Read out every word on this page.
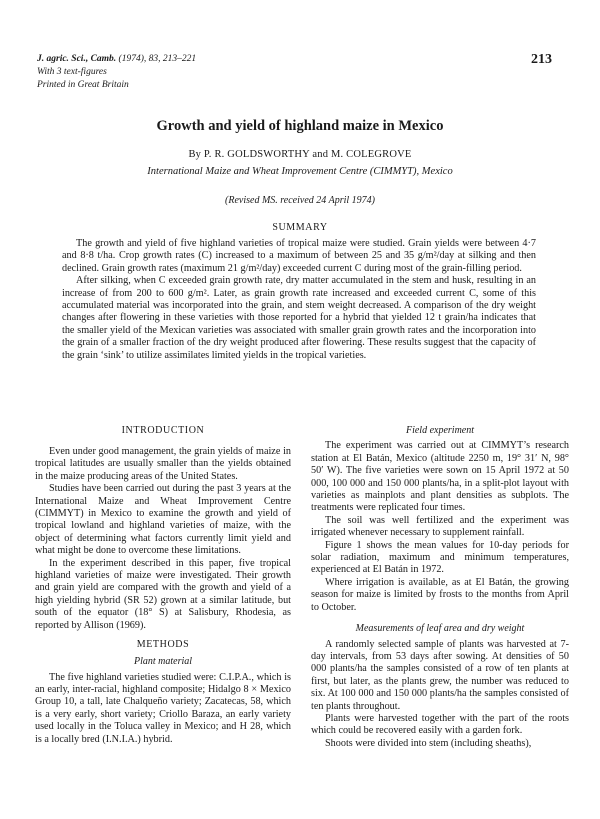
J. agric. Sci., Camb. (1974), 83, 213–221
With 3 text-figures
Printed in Great Britain
213
Growth and yield of highland maize in Mexico
By P. R. GOLDSWORTHY and M. COLEGROVE
International Maize and Wheat Improvement Centre (CIMMYT), Mexico
(Revised MS. received 24 April 1974)
SUMMARY

The growth and yield of five highland varieties of tropical maize were studied. Grain yields were between 4·7 and 8·8 t/ha. Crop growth rates (C) increased to a maximum of between 25 and 35 g/m²/day at silking and then declined. Grain growth rates (maximum 21 g/m²/day) exceeded current C during most of the grain-filling period.

After silking, when C exceeded grain growth rate, dry matter accumulated in the stem and husk, resulting in an increase of from 200 to 600 g/m². Later, as grain growth rate increased and exceeded current C, some of this accumulated material was incorporated into the grain, and stem weight decreased. A comparison of the dry weight changes after flowering in these varieties with those reported for a hybrid that yielded 12 t grain/ha indicates that the smaller yield of the Mexican varieties was associated with smaller grain growth rates and the incorporation into the grain of a smaller fraction of the dry weight produced after flowering. These results suggest that the capacity of the grain ‘sink’ to utilize assimilates limited yields in the tropical varieties.

INTRODUCTION

Even under good management, the grain yields of maize in tropical latitudes are usually smaller than the yields obtained in the maize producing areas of the United States.

Studies have been carried out during the past 3 years at the International Maize and Wheat Improvement Centre (CIMMYT) in Mexico to examine the growth and yield of tropical lowland and highland varieties of maize, with the object of determining what factors currently limit yield and what might be done to overcome these limitations.

In the experiment described in this paper, five tropical highland varieties of maize were investigated. Their growth and grain yield are compared with the growth and yield of a high yielding hybrid (SR 52) grown at a similar latitude, but south of the equator (18° S) at Salisbury, Rhodesia, as reported by Allison (1969).

METHODS
Plant material

The five highland varieties studied were: C.I.P.A., which is an early, inter-racial, highland composite; Hidalgo 8 × Mexico Group 10, a tall, late Chalqueño variety; Zacatecas, 58, which is a very early, short variety; Criollo Baraza, an early variety used locally in the Toluca valley in Mexico; and H 28, which is a locally bred (I.N.I.A.) hybrid.

Field experiment

The experiment was carried out at CIMMYT’s research station at El Batán, Mexico (altitude 2250 m, 19° 31′ N, 98° 50′ W). The five varieties were sown on 15 April 1972 at 50 000, 100 000 and 150 000 plants/ha, in a split-plot layout with varieties as mainplots and plant densities as subplots. The treatments were replicated four times.

The soil was well fertilized and the experiment was irrigated whenever necessary to supplement rainfall.

Figure 1 shows the mean values for 10-day periods for solar radiation, maximum and minimum temperatures, experienced at El Batán in 1972.

Where irrigation is available, as at El Batán, the growing season for maize is limited by frosts to the months from April to October.

Measurements of leaf area and dry weight

A randomly selected sample of plants was harvested at 7-day intervals, from 53 days after sowing. At densities of 50 000 plants/ha the samples consisted of a row of ten plants at first, but later, as the plants grew, the number was reduced to six. At 100 000 and 150 000 plants/ha the samples consisted of ten plants throughout.

Plants were harvested together with the part of the roots which could be recovered easily with a garden fork.

Shoots were divided into stem (including sheaths),
